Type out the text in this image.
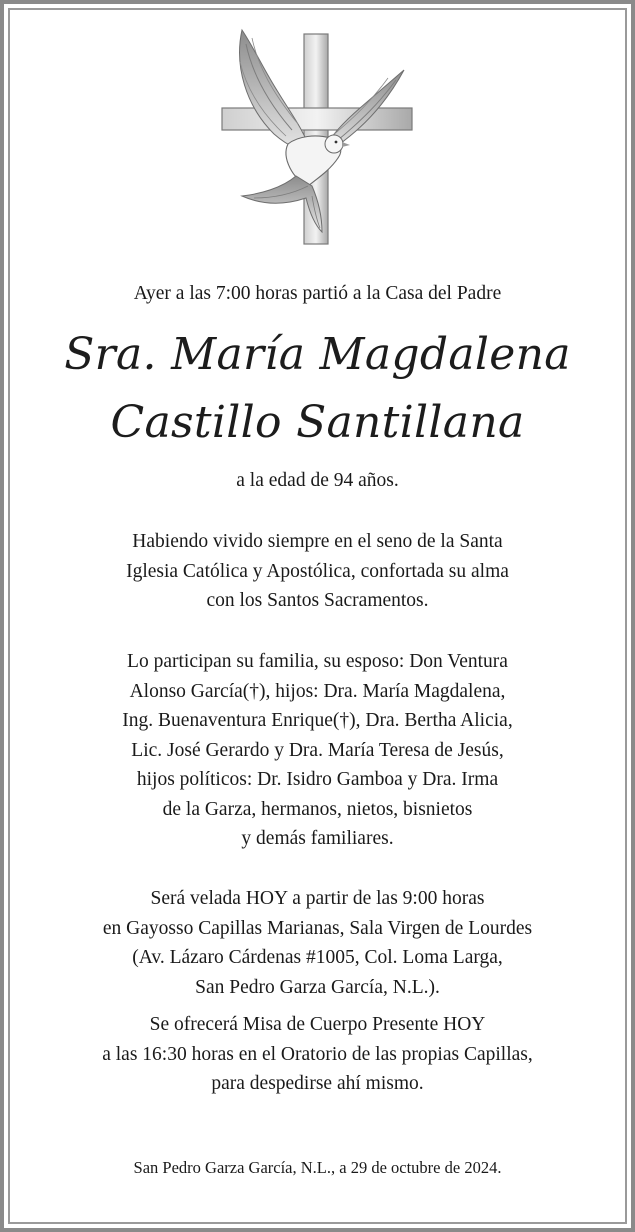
Ayer a las 7:00 horas partió a la Casa del Padre

Sra. María Magdalena

Castillo Santillana

a la edad de 94 años.

Habiendo vivido siempre en el seno de la Santa
Iglesia Católica y Apostólica, confortada su alma
con los Santos Sacramentos.
Lo participan su familia, su esposo: Don Ventura
Alonso García(†), hijos: Dra. María Magdalena,
Ing. Buenaventura Enrique(†), Dra. Bertha Alicia,
Lic. José Gerardo y Dra. María Teresa de Jesús,
hijos políticos: Dr. Isidro Gamboa y Dra. Irma
de la Garza, hermanos, nietos, bisnietos
y demás familiares.
Será velada HOY a partir de las 9:00 horas
en Gayosso Capillas Marianas, Sala Virgen de Lourdes
(Av. Lázaro Cárdenas #1005, Col. Loma Larga,
San Pedro Garza García, N.L.).
Se ofrecerá Misa de Cuerpo Presente HOY
a las 16:30 horas en el Oratorio de las propias Capillas,
para despedirse ahí mismo.

San Pedro Garza García, N.L., a 29 de octubre de 2024.
